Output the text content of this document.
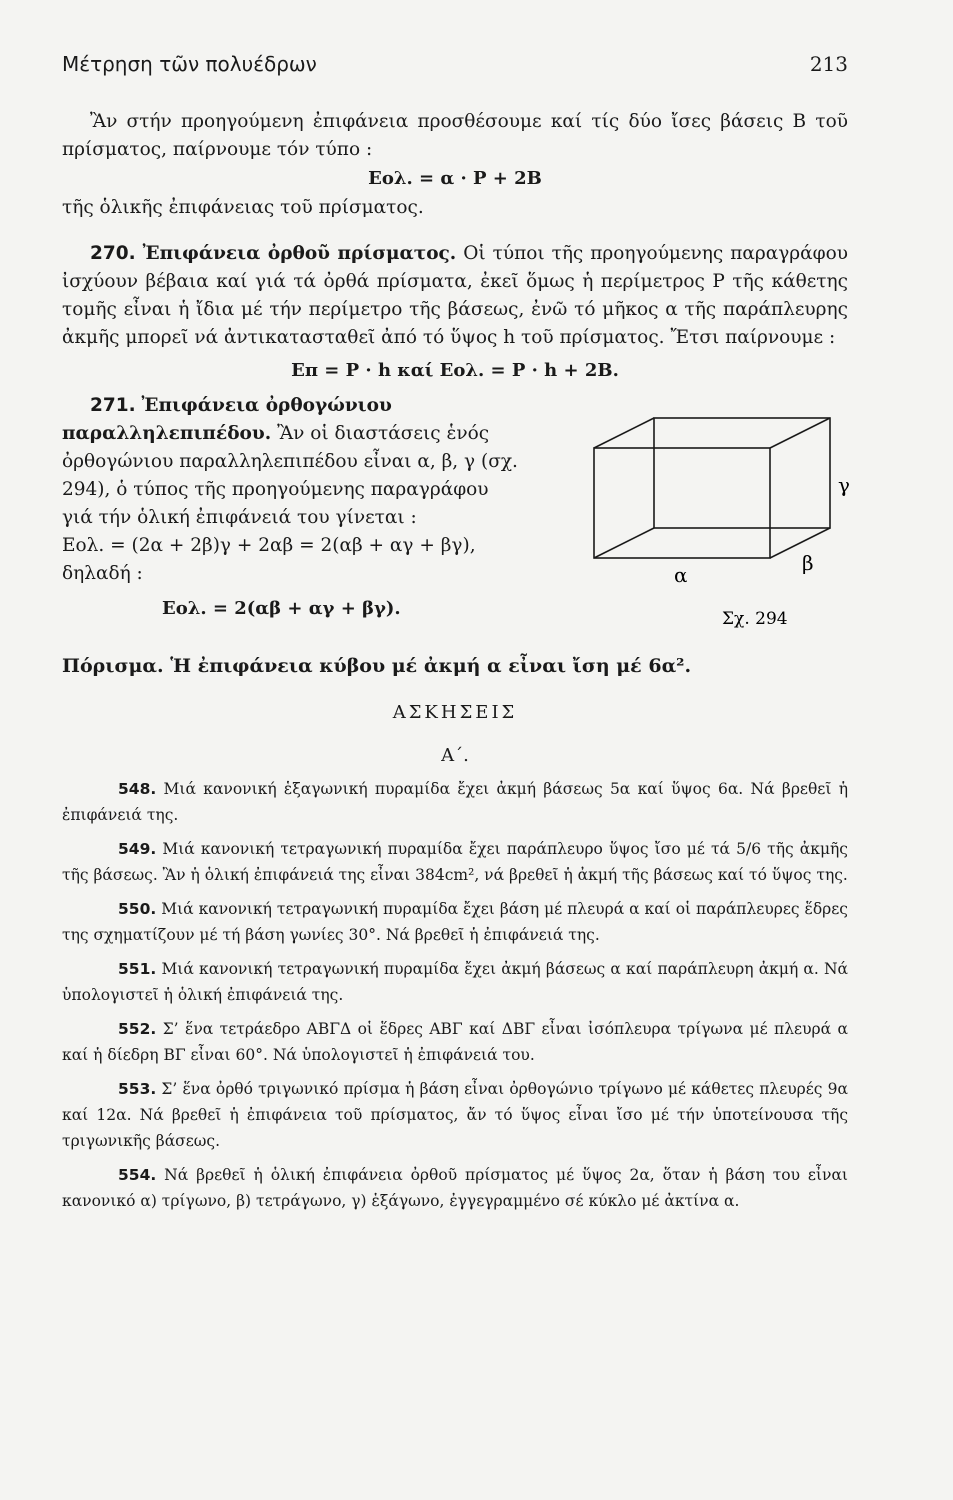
Μέτρηση τῶν πολυέδρων	213

Ἂν στήν προηγούμενη ἐπιφάνεια προσθέσουμε καί τίς δύο ἴσες βάσεις Β τοῦ πρίσματος, παίρνουμε τόν τύπο :

Eολ. = α · P + 2B

τῆς ὁλικῆς ἐπιφάνειας τοῦ πρίσματος.

270. Ἐπιφάνεια ὀρθοῦ πρίσματος. Οἱ τύποι τῆς προηγούμενης παραγράφου ἰσχύουν βέβαια καί γιά τά ὀρθά πρίσματα, ἐκεῖ ὅμως ἡ περίμετρος Ρ τῆς κάθετης τομῆς εἶναι ἡ ἴδια μέ τήν περίμετρο τῆς βάσεως, ἐνῶ τό μῆκος α τῆς παράπλευρης ἀκμῆς μπορεῖ νά ἀντικατασταθεῖ ἀπό τό ὕψος h τοῦ πρίσματος. Ἔτσι παίρνουμε :

Eπ = P · h καί Eολ. = P · h + 2B.

271. Ἐπιφάνεια ὀρθογώνιου παραλληλεπιπέδου. Ἂν οἱ διαστάσεις ἑνός ὀρθογώνιου παραλληλεπιπέδου εἶναι α, β, γ (σχ. 294), ὁ τύπος τῆς προηγούμενης παραγράφου γιά τήν ὁλική ἐπιφάνειά του γίνεται :

Eολ. = (2α + 2β)γ + 2αβ = 2(αβ + αγ + βγ),

δηλαδή :

Eολ. = 2(αβ + αγ + βγ).
α	β
γ
Σχ. 294

Πόρισμα. Ἡ ἐπιφάνεια κύβου μέ ἀκμή α εἶναι ἴση μέ 6α².

ΑΣΚΗΣΕΙΣ
Α΄.

548. Μιά κανονική ἑξαγωνική πυραμίδα ἔχει ἀκμή βάσεως 5α καί ὕψος 6α. Νά βρεθεῖ ἡ ἐπιφάνειά της.

549. Μιά κανονική τετραγωνική πυραμίδα ἔχει παράπλευρο ὕψος ἴσο μέ τά 5/6 τῆς ἀκμῆς τῆς βάσεως. Ἂν ἡ ὁλική ἐπιφάνειά της εἶναι 384cm², νά βρεθεῖ ἡ ἀκμή τῆς βάσεως καί τό ὕψος της.

550. Μιά κανονική τετραγωνική πυραμίδα ἔχει βάση μέ πλευρά α καί οἱ παράπλευρες ἕδρες της σχηματίζουν μέ τή βάση γωνίες 30°. Νά βρεθεῖ ἡ ἐπιφάνειά της.

551. Μιά κανονική τετραγωνική πυραμίδα ἔχει ἀκμή βάσεως α καί παράπλευρη ἀκμή α. Νά ὑπολογιστεῖ ἡ ὁλική ἐπιφάνειά της.

552. Σ’ ἕνα τετράεδρο ΑΒΓΔ οἱ ἕδρες ΑΒΓ καί ΔΒΓ εἶναι ἰσόπλευρα τρίγωνα μέ πλευρά α καί ἡ δίεδρη ΒΓ εἶναι 60°. Νά ὑπολογιστεῖ ἡ ἐπιφάνειά του.

553. Σ’ ἕνα ὀρθό τριγωνικό πρίσμα ἡ βάση εἶναι ὀρθογώνιο τρίγωνο μέ κάθετες πλευρές 9α καί 12α. Νά βρεθεῖ ἡ ἐπιφάνεια τοῦ πρίσματος, ἄν τό ὕψος εἶναι ἴσο μέ τήν ὑποτείνουσα τῆς τριγωνικῆς βάσεως.

554. Νά βρεθεῖ ἡ ὁλική ἐπιφάνεια ὀρθοῦ πρίσματος μέ ὕψος 2α, ὅταν ἡ βάση του εἶναι κανονικό α) τρίγωνο, β) τετράγωνο, γ) ἑξάγωνο, ἐγγεγραμμένο σέ κύκλο μέ ἀκτίνα α.
